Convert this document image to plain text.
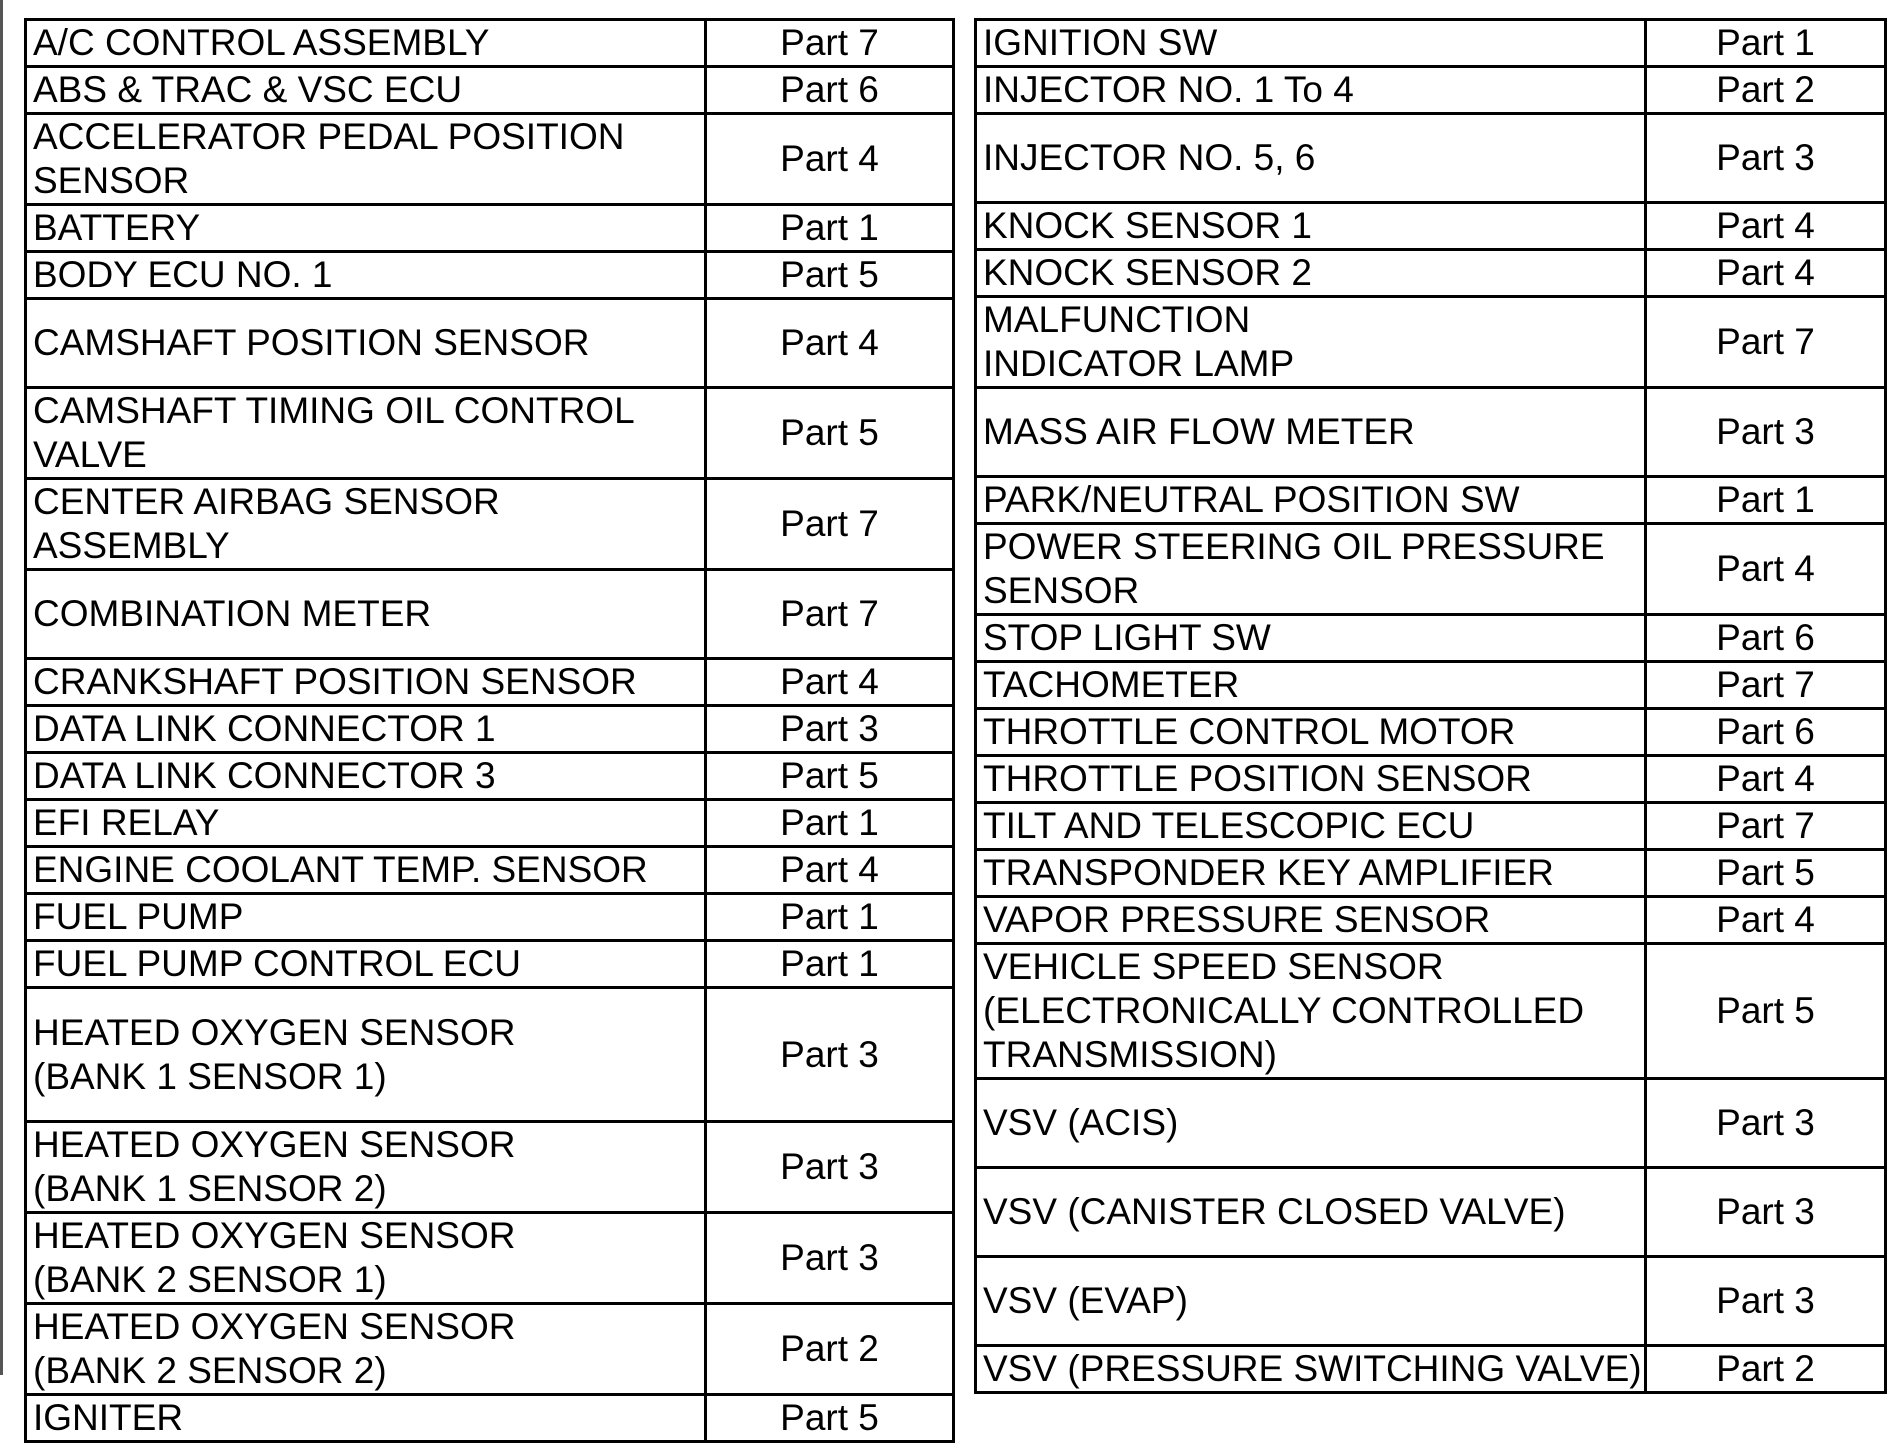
A/C CONTROL ASSEMBLY	Part 7
ABS & TRAC & VSC ECU	Part 6
ACCELERATOR PEDAL POSITION
SENSOR	Part 4
BATTERY	Part 1
BODY ECU NO. 1	Part 5
CAMSHAFT POSITION SENSOR	Part 4
CAMSHAFT TIMING OIL CONTROL
VALVE	Part 5
CENTER AIRBAG SENSOR ASSEMBLY	Part 7
COMBINATION METER	Part 7
CRANKSHAFT POSITION SENSOR	Part 4
DATA LINK CONNECTOR 1	Part 3
DATA LINK CONNECTOR 3	Part 5
EFI RELAY	Part 1
ENGINE COOLANT TEMP. SENSOR	Part 4
FUEL PUMP	Part 1
FUEL PUMP CONTROL ECU	Part 1
HEATED OXYGEN SENSOR
(BANK 1 SENSOR 1)	Part 3
HEATED OXYGEN SENSOR
(BANK 1 SENSOR 2)	Part 3
HEATED OXYGEN SENSOR
(BANK 2 SENSOR 1)	Part 3
HEATED OXYGEN SENSOR
(BANK 2 SENSOR 2)	Part 2
IGNITER	Part 5
IGNITION SW	Part 1
INJECTOR NO. 1 To 4	Part 2
INJECTOR NO. 5, 6	Part 3
KNOCK SENSOR 1	Part 4
KNOCK SENSOR 2	Part 4
MALFUNCTION
INDICATOR LAMP	Part 7
MASS AIR FLOW METER	Part 3
PARK/NEUTRAL POSITION SW	Part 1
POWER STEERING OIL PRESSURE
SENSOR	Part 4
STOP LIGHT SW	Part 6
TACHOMETER	Part 7
THROTTLE CONTROL MOTOR	Part 6
THROTTLE POSITION SENSOR	Part 4
TILT AND TELESCOPIC ECU	Part 7
TRANSPONDER KEY AMPLIFIER	Part 5
VAPOR PRESSURE SENSOR	Part 4
VEHICLE SPEED SENSOR
(ELECTRONICALLY CONTROLLED
TRANSMISSION)	Part 5
VSV (ACIS)	Part 3
VSV (CANISTER CLOSED VALVE)	Part 3
VSV (EVAP)	Part 3
VSV (PRESSURE SWITCHING VALVE)	Part 2
